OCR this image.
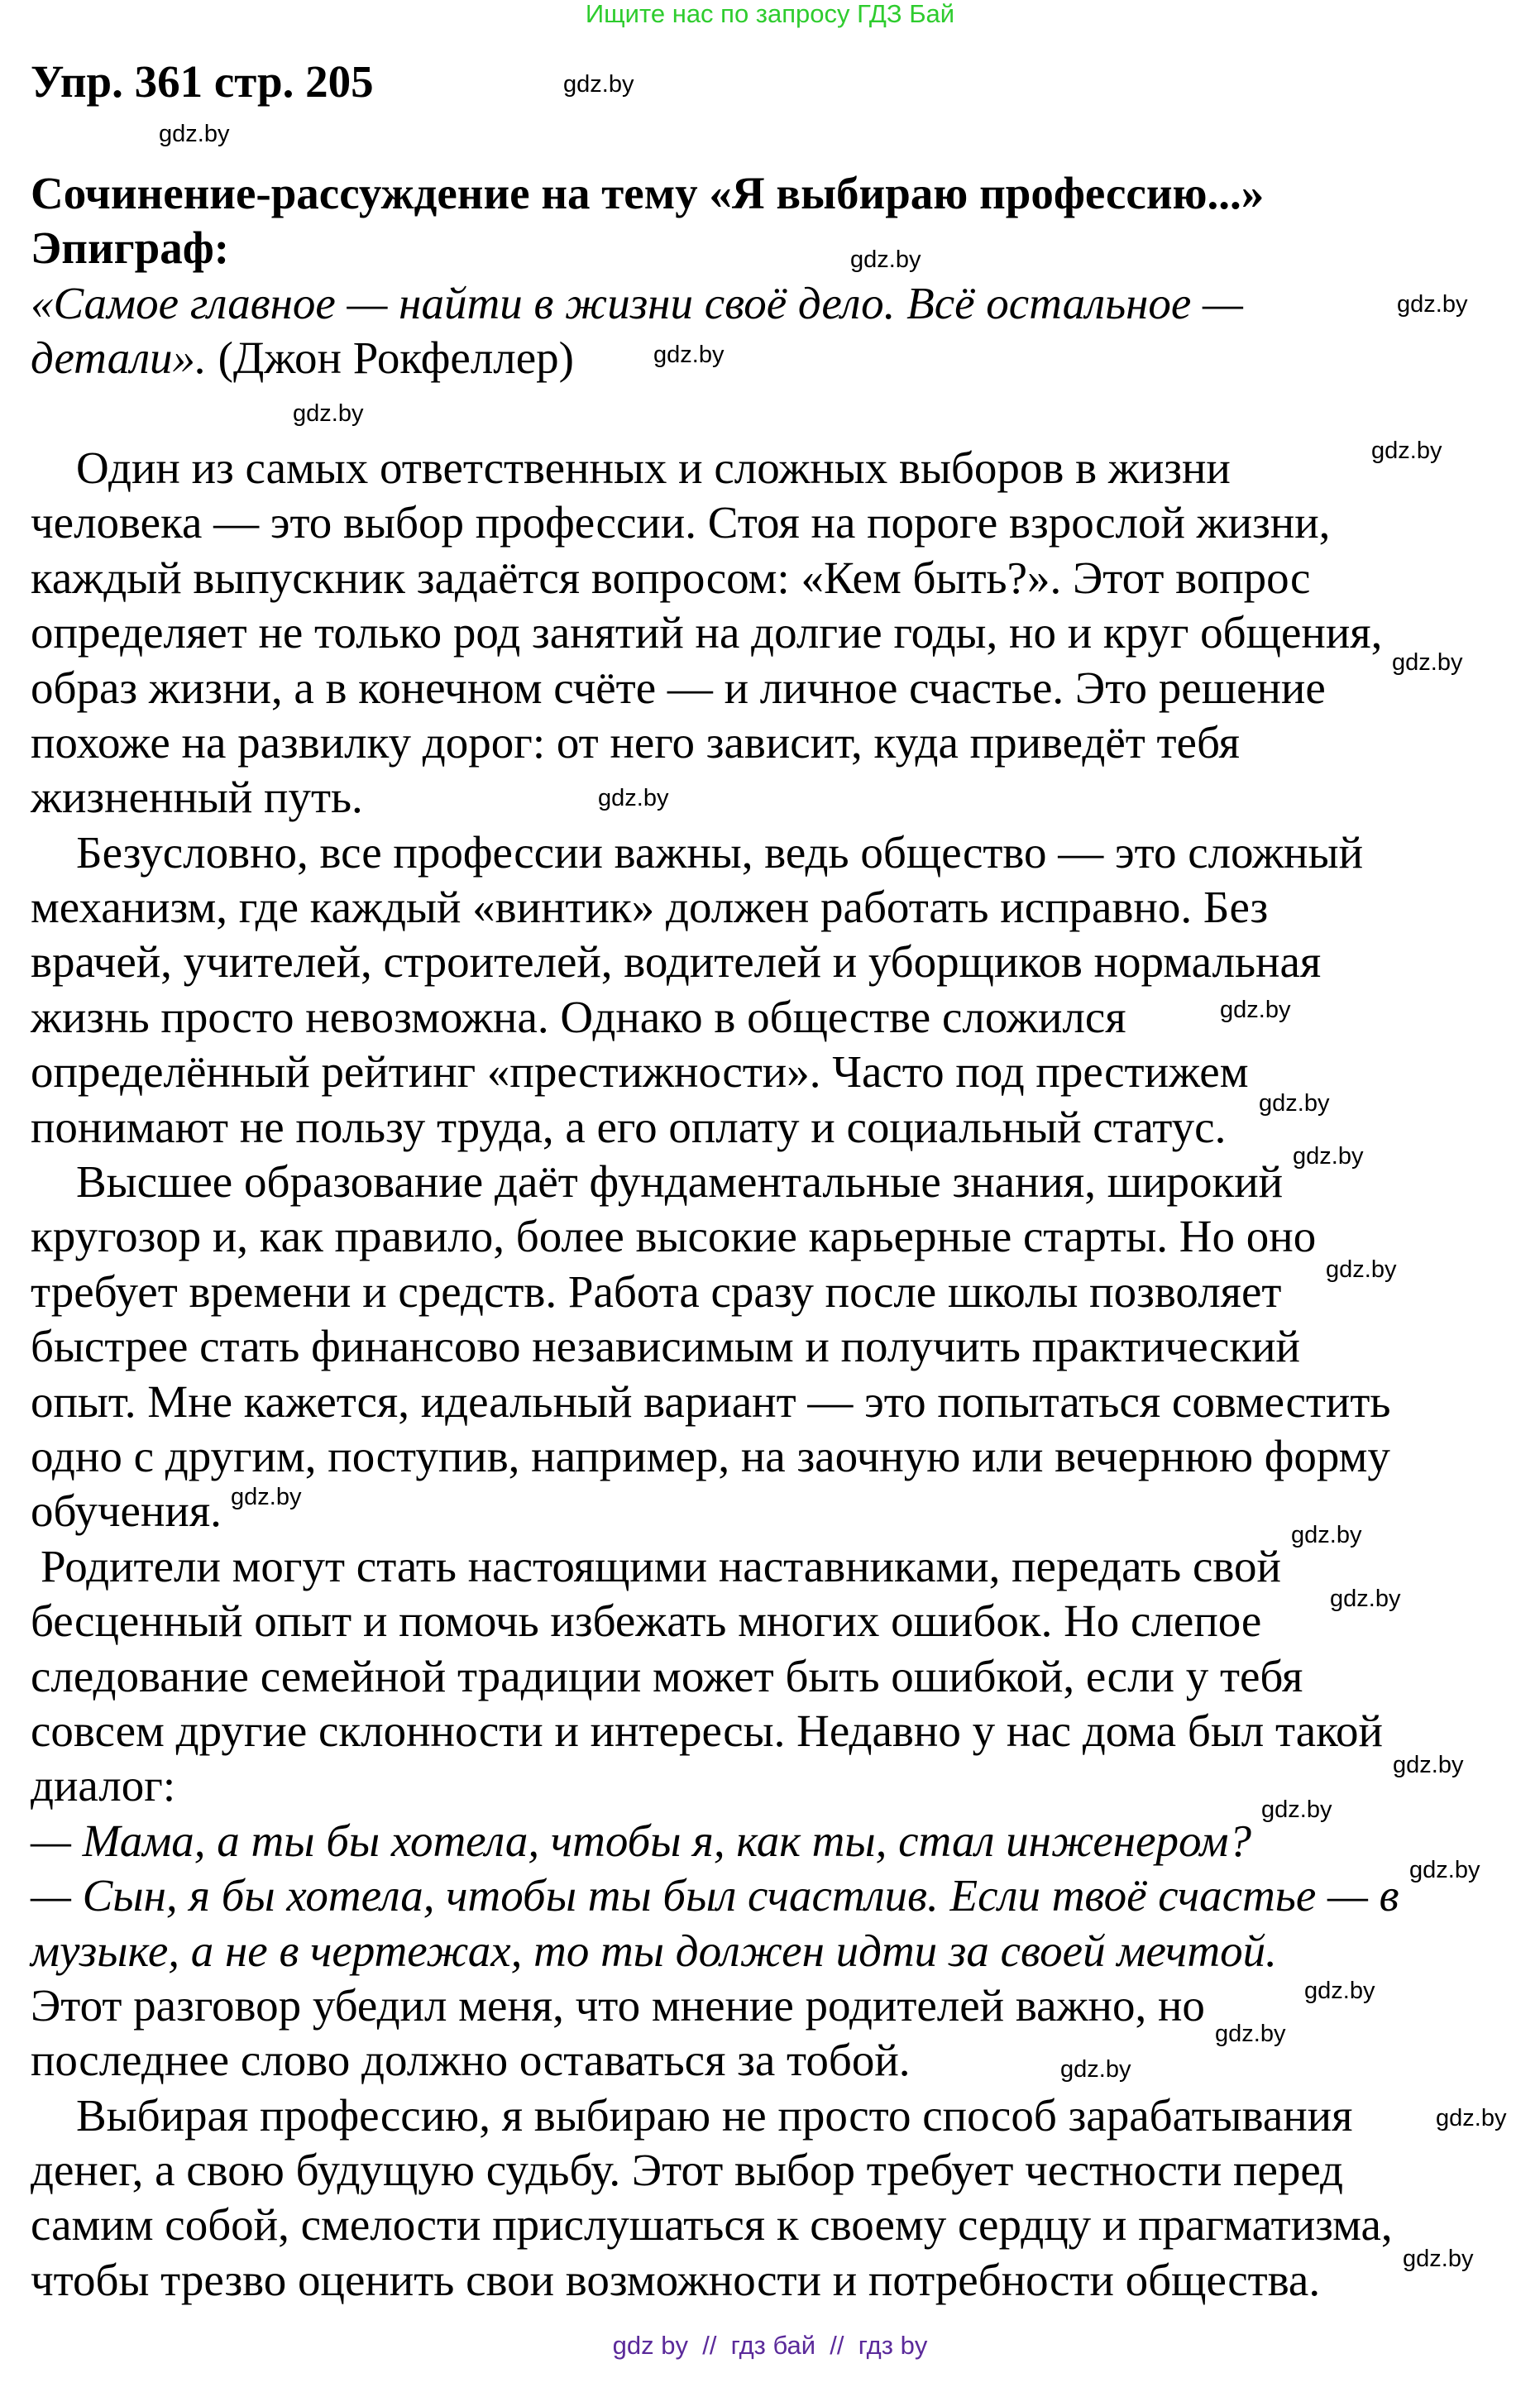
Ищите нас по запросу ГДЗ Бай
Упр. 361 стр. 205
Сочинение-рассуждение на тему «Я выбираю профессию...»
Эпиграф:
«Самое главное — найти в жизни своё дело. Всё остальное —
детали». (Джон Рокфеллер)
Один из самых ответственных и сложных выборов в жизни
человека — это выбор профессии. Стоя на пороге взрослой жизни,
каждый выпускник задаётся вопросом: «Кем быть?». Этот вопрос
определяет не только род занятий на долгие годы, но и круг общения,
образ жизни, а в конечном счёте — и личное счастье. Это решение
похоже на развилку дорог: от него зависит, куда приведёт тебя
жизненный путь.
Безусловно, все профессии важны, ведь общество — это сложный
механизм, где каждый «винтик» должен работать исправно. Без
врачей, учителей, строителей, водителей и уборщиков нормальная
жизнь просто невозможна. Однако в обществе сложился
определённый рейтинг «престижности». Часто под престижем
понимают не пользу труда, а его оплату и социальный статус.
Высшее образование даёт фундаментальные знания, широкий
кругозор и, как правило, более высокие карьерные старты. Но оно
требует времени и средств. Работа сразу после школы позволяет
быстрее стать финансово независимым и получить практический
опыт. Мне кажется, идеальный вариант — это попытаться совместить
одно с другим, поступив, например, на заочную или вечернюю форму
обучения.
Родители могут стать настоящими наставниками, передать свой
бесценный опыт и помочь избежать многих ошибок. Но слепое
следование семейной традиции может быть ошибкой, если у тебя
совсем другие склонности и интересы. Недавно у нас дома был такой
диалог:
— Мама, а ты бы хотела, чтобы я, как ты, стал инженером?
— Сын, я бы хотела, чтобы ты был счастлив. Если твоё счастье — в
музыке, а не в чертежах, то ты должен идти за своей мечтой.
Этот разговор убедил меня, что мнение родителей важно, но
последнее слово должно оставаться за тобой.
Выбирая профессию, я выбираю не просто способ зарабатывания
денег, а свою будущую судьбу. Этот выбор требует честности перед
самим собой, смелости прислушаться к своему сердцу и прагматизма,
чтобы трезво оценить свои возможности и потребности общества.
gdz.by
gdz.by
gdz.by
gdz.by
gdz.by
gdz.by
gdz.by
gdz.by
gdz.by
gdz.by
gdz.by
gdz.by
gdz.by
gdz.by
gdz.by
gdz.by
gdz.by
gdz.by
gdz.by
gdz.by
gdz.by
gdz.by
gdz.by
gdz.by
gdz by  //  гдз бай  //  гдз by
